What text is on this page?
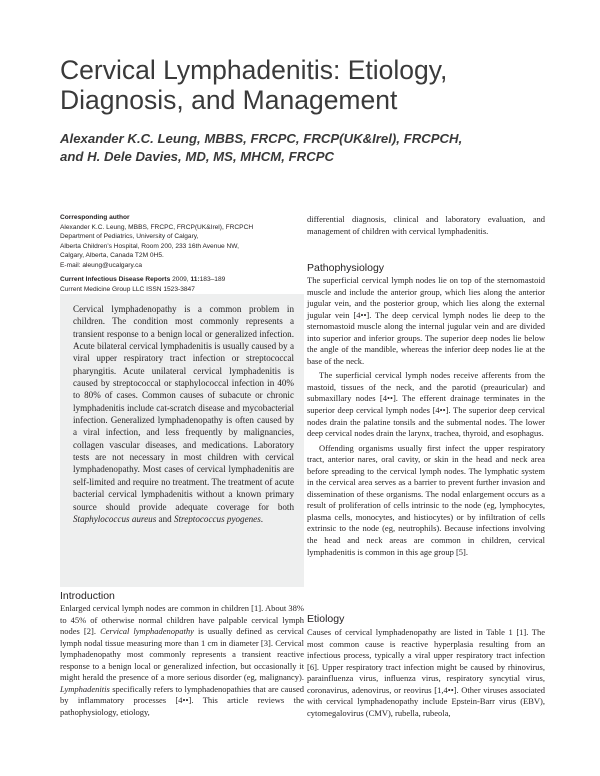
Cervical Lymphadenitis: Etiology,
Diagnosis, and Management
Alexander K.C. Leung, MBBS, FRCPC, FRCP(UK&Irel), FRCPCH,
and H. Dele Davies, MD, MS, MHCM, FRCPC
Corresponding author
Alexander K.C. Leung, MBBS, FRCPC, FRCP(UK&Irel), FRCPCH
Department of Pediatrics, University of Calgary,
Alberta Children’s Hospital, Room 200, 233 16th Avenue NW,
Calgary, Alberta, Canada T2M 0H5.
E-mail: aleung@ucalgary.ca
Current Infectious Disease Reports 2009, 11:183–189
Current Medicine Group LLC ISSN 1523-3847

Cervical lymphadenopathy is a common problem in children. The condition most commonly represents a transient response to a benign local or generalized infection. Acute bilateral cervical lymphadenitis is usually caused by a viral upper respiratory tract infection or streptococcal pharyngitis. Acute unilateral cervical lymphadenitis is caused by streptococcal or staphylococcal infection in 40% to 80% of cases. Common causes of subacute or chronic lymphadenitis include cat-scratch disease and mycobacterial infection. Generalized lymphadenopathy is often caused by a viral infection, and less frequently by malignancies, collagen vascular diseases, and medications. Laboratory tests are not necessary in most children with cervical lymphadenopathy. Most cases of cervical lymphadenitis are self-limited and require no treatment. The treatment of acute bacterial cervical lymphadenitis without a known primary source should provide adequate coverage for both Staphylococcus aureus and Streptococcus pyogenes.

Introduction

Enlarged cervical lymph nodes are common in children [1]. About 38% to 45% of otherwise normal children have palpable cervical lymph nodes [2]. Cervical lymphadenopathy is usually defined as cervical lymph nodal tissue measuring more than 1 cm in diameter [3]. Cervical lymphadenopathy most commonly represents a transient reactive response to a benign local or generalized infection, but occasionally it might herald the presence of a more serious disorder (eg, malignancy). Lymphadenitis specifically refers to lymphadenopathies that are caused by inflammatory processes [4••]. This article reviews the pathophysiology, etiology,

differential diagnosis, clinical and laboratory evaluation, and management of children with cervical lymphadenitis.

Pathophysiology

The superficial cervical lymph nodes lie on top of the sternomastoid muscle and include the anterior group, which lies along the anterior jugular vein, and the posterior group, which lies along the external jugular vein [4••]. The deep cervical lymph nodes lie deep to the sternomastoid muscle along the internal jugular vein and are divided into superior and inferior groups. The superior deep nodes lie below the angle of the mandible, whereas the inferior deep nodes lie at the base of the neck.

The superficial cervical lymph nodes receive afferents from the mastoid, tissues of the neck, and the parotid (preauricular) and submaxillary nodes [4••]. The efferent drainage terminates in the superior deep cervical lymph nodes [4••]. The superior deep cervical nodes drain the palatine tonsils and the submental nodes. The lower deep cervical nodes drain the larynx, trachea, thyroid, and esophagus.

Offending organisms usually first infect the upper respiratory tract, anterior nares, oral cavity, or skin in the head and neck area before spreading to the cervical lymph nodes. The lymphatic system in the cervical area serves as a barrier to prevent further invasion and dissemination of these organisms. The nodal enlargement occurs as a result of proliferation of cells intrinsic to the node (eg, lymphocytes, plasma cells, monocytes, and histiocytes) or by infiltration of cells extrinsic to the node (eg, neutrophils). Because infections involving the head and neck areas are common in children, cervical lymphadenitis is common in this age group [5].

Etiology

Causes of cervical lymphadenopathy are listed in Table 1 [1]. The most common cause is reactive hyperplasia resulting from an infectious process, typically a viral upper respiratory tract infection [6]. Upper respiratory tract infection might be caused by rhinovirus, parainfluenza virus, influenza virus, respiratory syncytial virus, coronavirus, adenovirus, or reovirus [1,4••]. Other viruses associated with cervical lymphadenopathy include Epstein-Barr virus (EBV), cytomegalovirus (CMV), rubella, rubeola,
